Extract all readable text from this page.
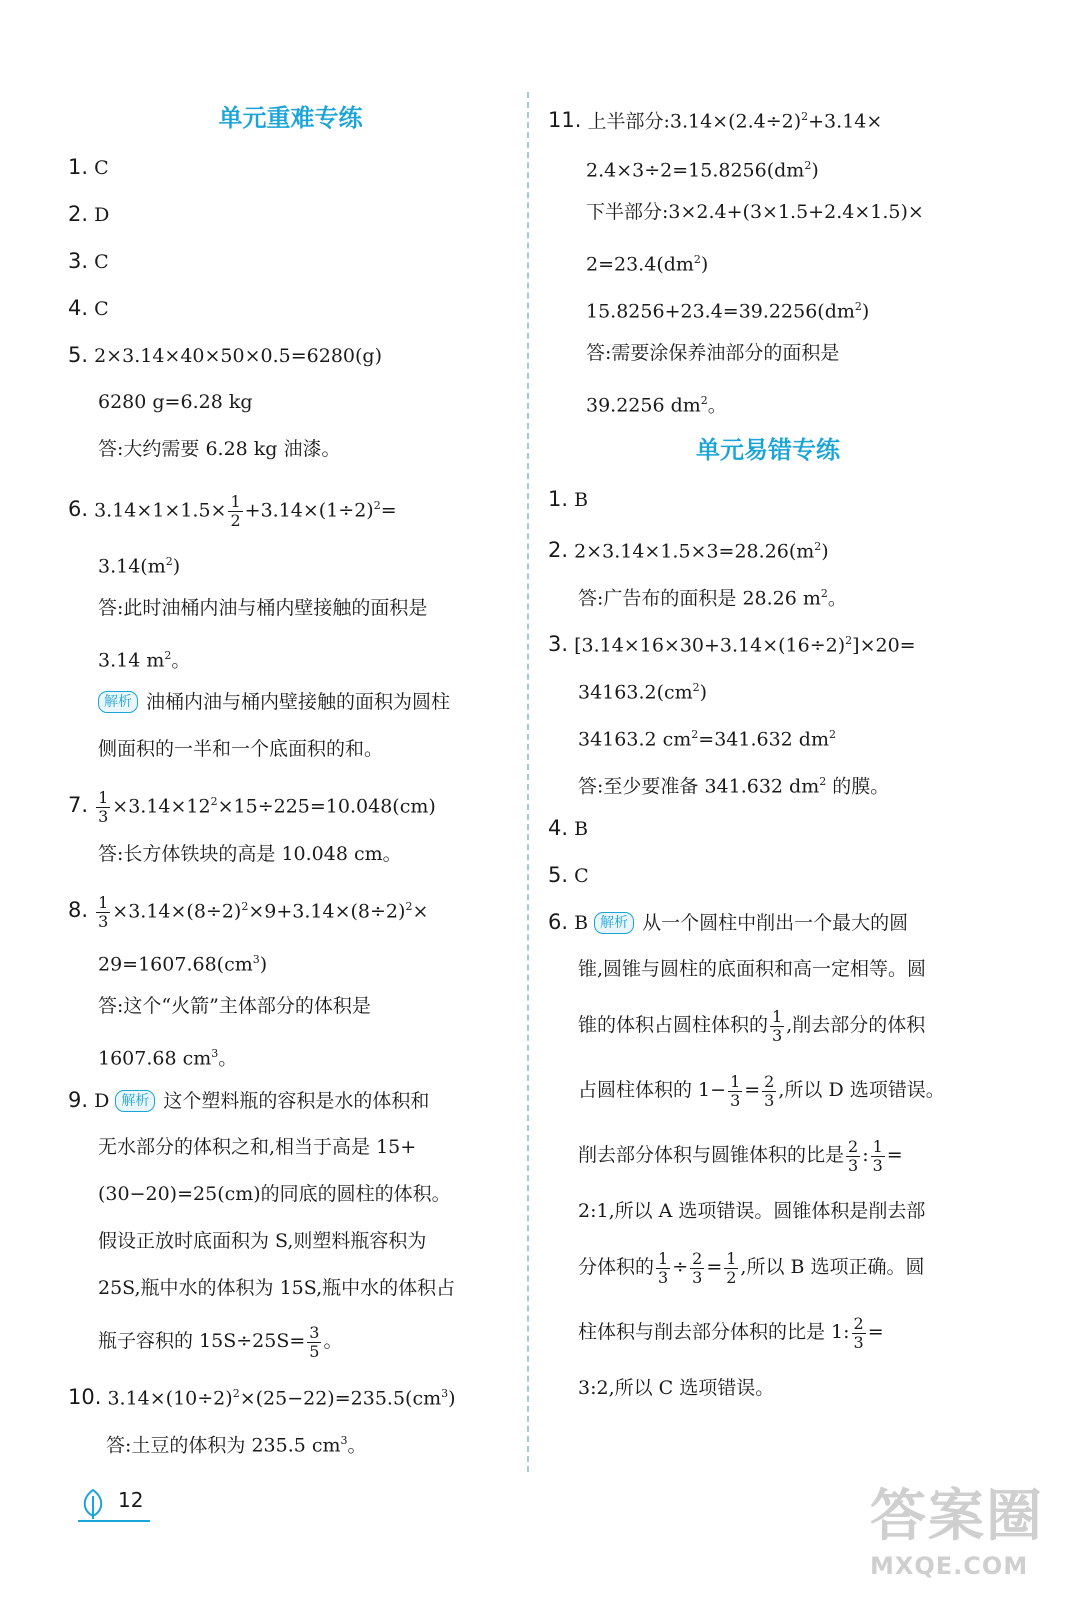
单元重难专练
1. C
2. D
3. C
4. C
5. 2×3.14×40×50×0.5=6280(g)
6280 g=6.28 kg
答:大约需要 6.28 kg 油漆。
6. $3.14\times 1\times 1.5\times \frac{1}{2} +3.14\times(1\div 2)^2=$
$3.14(m^2)$
答:此时油桶内油与桶内壁接触的面积是
3.14 $m^2$。
解析 油桶内油与桶内壁接触的面积为圆柱
侧面积的一半和一个底面积的和。
7. $\frac{1}{3} \times 3.14\times 12^2\times 15\div 225=10.048(cm)$
答:长方体铁块的高是 10.048 cm。
8. $\frac{1}{3} \times 3.14\times(8\div 2)^2\times 9+3.14\times(8\div 2)^2\times$
$29=1607.68(cm^3)$
答:这个“火箭”主体部分的体积是
1607.68 $cm^3$。
9. D 解析 这个塑料瓶的容积是水的体积和
无水部分的体积之和,相当于高是 15+
(30−20)=25(cm)的同底的圆柱的体积。
假设正放时底面积为 S,则塑料瓶容积为
25S,瓶中水的体积为 15S,瓶中水的体积占
瓶子容积的 $15S\div 25S= \frac{3}{5}$ 。
10. $3.14\times(10\div 2)^2\times(25-22)=235.5(cm^3)$
答:土豆的体积为 235.5 $cm^3$。
11. 上半部分$:3.14\times(2.4\div 2)^2+3.14\times$
$2.4\times 3\div 2=15.8256(dm^2)$
下半部分:3×2.4+(3×1.5+2.4×1.5)×
$2=23.4(dm^2)$
$15.8256+23.4=39.2256(dm^2)$
答:需要涂保养油部分的面积是
39.2256 $dm^2$。
单元易错专练
1. B
2. $2\times 3.14\times 1.5\times 3=28.26(m^2)$
答:广告布的面积是 28.26 $m^2$。
3. $[3.14\times 16\times 30+3.14\times(16\div 2)^2]\times 20=$
$34163.2(cm^2)$
34163.2 $cm^2=341.632$ $dm^2$
答:至少要准备 341.632 $dm^2$ 的膜。
4. B
5. C
6. B 解析 从一个圆柱中削出一个最大的圆
锥,圆锥与圆柱的底面积和高一定相等。圆
锥的体积占圆柱体积的 $\frac{1}{3}$ ,削去部分的体积
占圆柱体积的 $1- \frac{1}{3} = \frac{2}{3}$ ,所以 D 选项错误。
削去部分体积与圆锥体积的比是 $\frac{2}{3}$ : $\frac{1}{3}$ =
2:1,所以 A 选项错误。圆锥体积是削去部
分体积的 $\frac{1}{3} \div \frac{2}{3} = \frac{1}{2}$ ,所以 B 选项正确。圆
柱体积与削去部分体积的比是 1: $\frac{2}{3}$ =
3:2,所以 C 选项错误。
12	答案圈
MXQE.COM
